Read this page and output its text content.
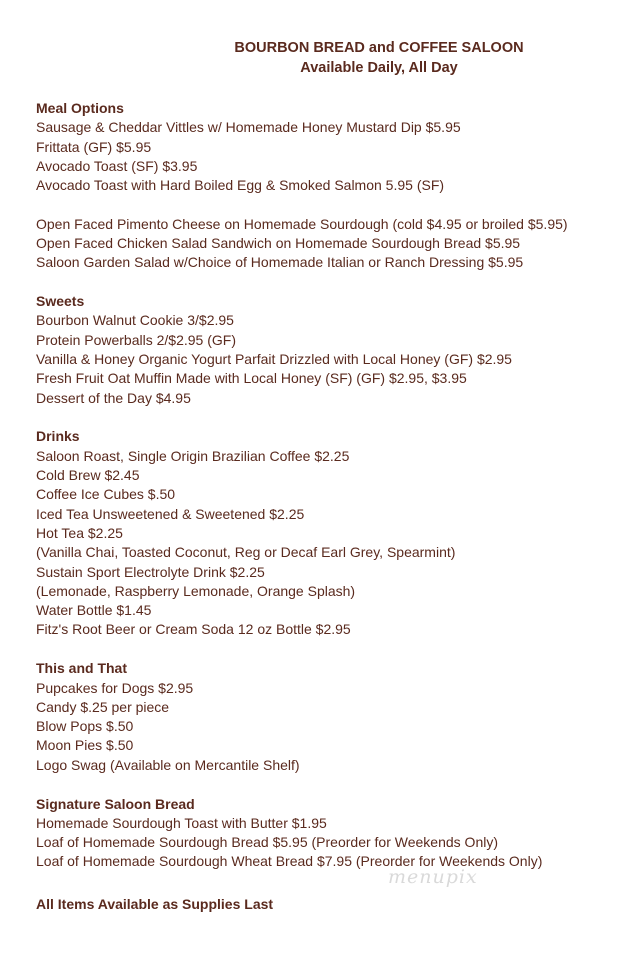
BOURBON BREAD and COFFEE SALOON
Available Daily, All Day
Meal Options
Sausage & Cheddar Vittles w/ Homemade Honey Mustard Dip $5.95
Frittata (GF) $5.95
Avocado Toast (SF) $3.95
Avocado Toast with Hard Boiled Egg & Smoked Salmon 5.95 (SF)
Open Faced Pimento Cheese on Homemade Sourdough (cold $4.95 or broiled $5.95)
Open Faced Chicken Salad Sandwich on Homemade Sourdough Bread $5.95
Saloon Garden Salad w/Choice of Homemade Italian or Ranch Dressing $5.95
Sweets
Bourbon Walnut Cookie 3/$2.95
Protein Powerballs 2/$2.95 (GF)
Vanilla & Honey Organic Yogurt Parfait Drizzled with Local Honey (GF) $2.95
Fresh Fruit Oat Muffin Made with Local Honey (SF) (GF) $2.95, $3.95
Dessert of the Day $4.95
Drinks
Saloon Roast, Single Origin Brazilian Coffee $2.25
Cold Brew $2.45
Coffee Ice Cubes $.50
Iced Tea Unsweetened & Sweetened $2.25
Hot Tea $2.25
(Vanilla Chai, Toasted Coconut, Reg or Decaf Earl Grey, Spearmint)
Sustain Sport Electrolyte Drink $2.25
(Lemonade, Raspberry Lemonade, Orange Splash)
Water Bottle $1.45
Fitz's Root Beer or Cream Soda 12 oz Bottle $2.95
This and That
Pupcakes for Dogs $2.95
Candy $.25 per piece
Blow Pops $.50
Moon Pies $.50
Logo Swag (Available on Mercantile Shelf)
Signature Saloon Bread
Homemade Sourdough Toast with Butter $1.95
Loaf of Homemade Sourdough Bread $5.95 (Preorder for Weekends Only)
Loaf of Homemade Sourdough Wheat Bread $7.95 (Preorder for Weekends Only)
All Items Available as Supplies Last
menupix
